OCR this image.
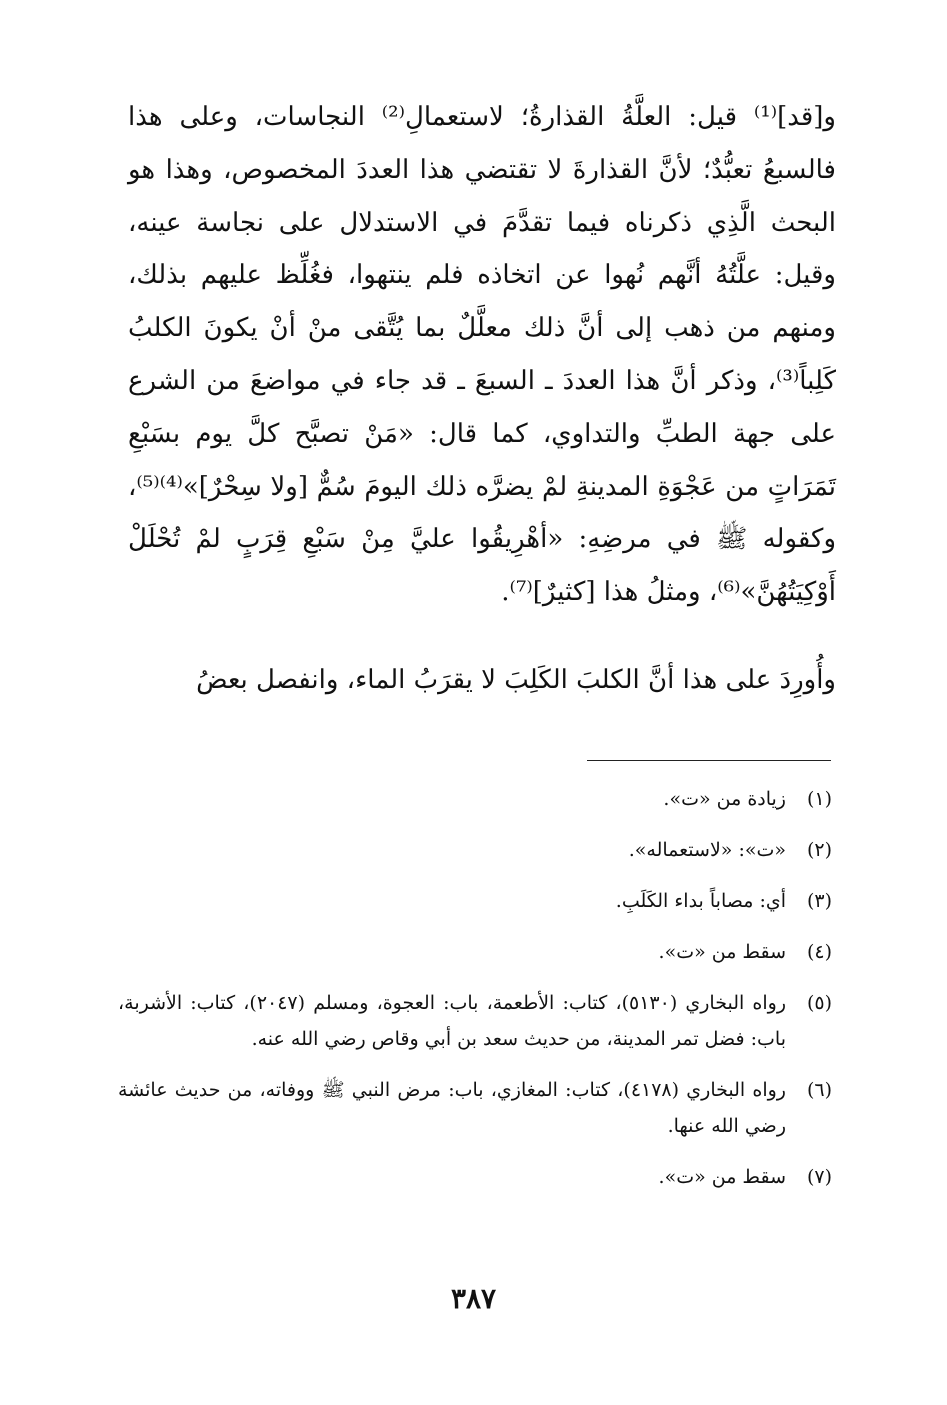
و[قد]⁽¹⁾ قيل: العلَّةُ القذارةُ؛ لاستعمالِ⁽²⁾ النجاسات، وعلى هذا فالسبعُ تعبُّدٌ؛ لأنَّ القذارةَ لا تقتضي هذا العددَ المخصوص، وهذا هو البحث الَّذِي ذكرناه فيما تقدَّمَ في الاستدلال على نجاسة عينه، وقيل: علَّتُهُ أنَّهم نُهوا عن اتخاذه فلم ينتهوا، فغُلِّظ عليهم بذلك، ومنهم من ذهب إلى أنَّ ذلك معلَّلٌ بما يُتَّقى منْ أنْ يكونَ الكلبُ كَلِباً⁽³⁾، وذكر أنَّ هذا العددَ ـ السبعَ ـ قد جاء في مواضعَ من الشرع على جهة الطبِّ والتداوي، كما قال: «مَنْ تصبَّح كلَّ يوم بسَبْعِ تَمَرَاتٍ من عَجْوَةِ المدينةِ لمْ يضرَّه ذلك اليومَ سُمٌّ [ولا سِحْرٌ]»⁽⁴⁾⁽⁵⁾، وكقوله ﷺ في مرضِهِ: «أهْرِيقُوا عليَّ مِنْ سَبْعِ قِرَبٍ لمْ تُحْلَلْ أَوْكِيَتُهُنَّ»⁽⁶⁾، ومثلُ هذا [كثيرٌ]⁽⁷⁾.

وأُورِدَ على هذا أنَّ الكلبَ الكَلِبَ لا يقرَبُ الماء، وانفصل بعضُ

(١)
زيادة من «ت».
(٢)
«ت»: «لاستعماله».
(٣)
أي: مصاباً بداء الكَلَبِ.
(٤)
سقط من «ت».
(٥)
رواه البخاري (٥١٣٠)، كتاب: الأطعمة، باب: العجوة، ومسلم (٢٠٤٧)، كتاب: الأشربة، باب: فضل تمر المدينة، من حديث سعد بن أبي وقاص رضي الله عنه.
(٦)
رواه البخاري (٤١٧٨)، كتاب: المغازي، باب: مرض النبي ﷺ ووفاته، من حديث عائشة رضي الله عنها.
(٧)
سقط من «ت».
٣٨٧
